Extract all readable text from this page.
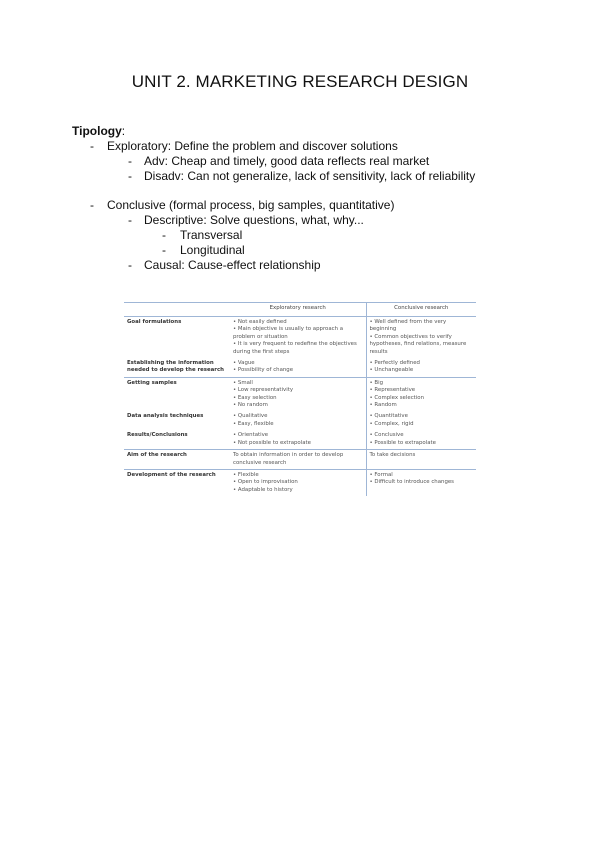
UNIT 2. MARKETING RESEARCH DESIGN
Tipology:
- Exploratory: Define the problem and discover solutions
- Adv: Cheap and timely, good data reflects real market
- Disadv: Can not generalize, lack of sensitivity, lack of reliability
- Conclusive (formal process, big samples, quantitative)
- Descriptive: Solve questions, what, why...
- Transversal
- Longitudinal
- Causal: Cause-effect relationship
	Exploratory research	Conclusive research
Goal formulations	• Not easily defined
• Main objective is usually to approach a problem or situation
• It is very frequent to redefine the objectives during the first steps	• Well defined from the very beginning
• Common objectives to verify hypotheses, find relations, measure results

Establishing the information needed to develop the research	• Vague
• Possibility of change	• Perfectly defined
• Unchangeable

Getting samples	• Small
• Low representativity
• Easy selection
• No random	• Big
• Representative
• Complex selection
• Random

Data analysis techniques	• Qualitative
• Easy, flexible	• Quantitative
• Complex, rigid

Results/Conclusions	• Orientative
• Not possible to extrapolate	• Conclusive
• Possible to extrapolate

Aim of the research	To obtain information in order to develop conclusive research	To take decisions

Development of the research	• Flexible
• Open to improvisation
• Adaptable to history	• Formal
• Difficult to introduce changes
